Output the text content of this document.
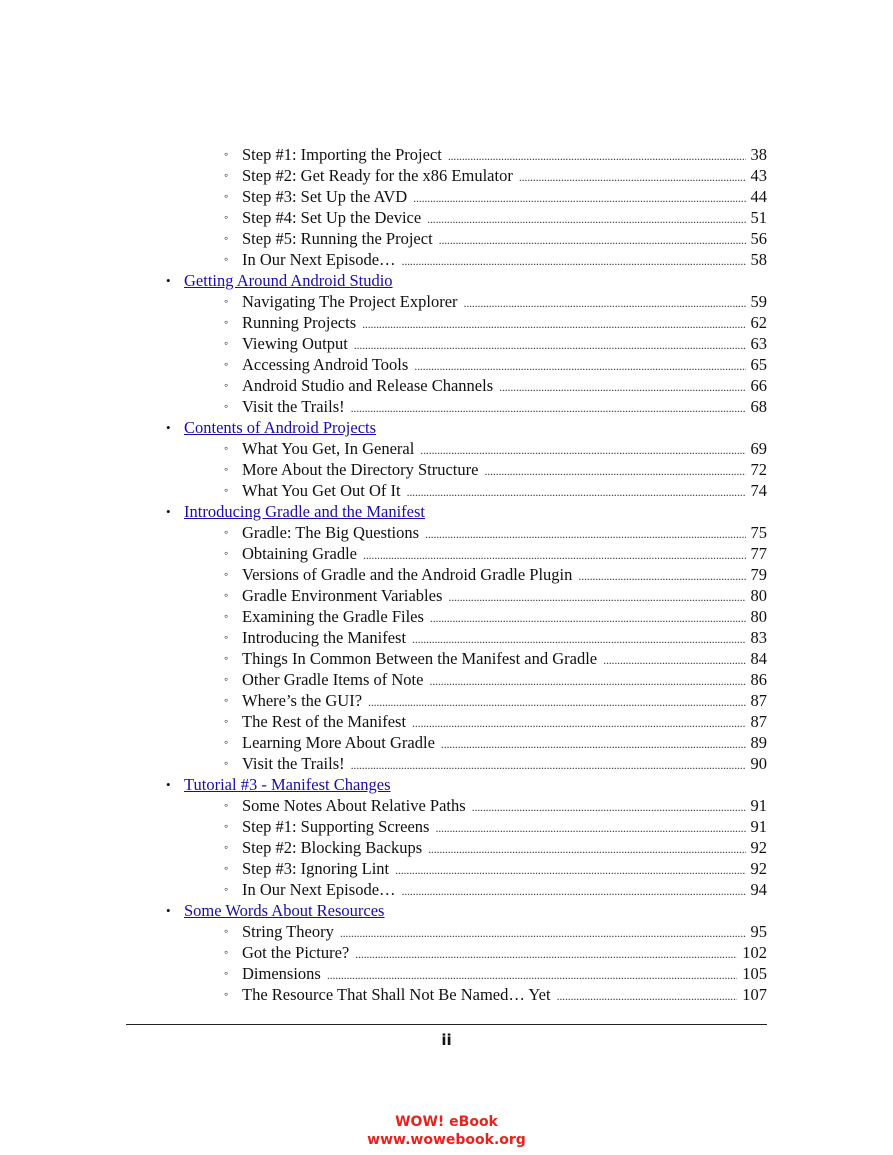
◦ Step #1: Importing the Project . . .	38
◦ Step #2: Get Ready for the x86 Emulator . . .	43
◦ Step #3: Set Up the AVD . . .	44
◦ Step #4: Set Up the Device . . .	51
◦ Step #5: Running the Project . . .	56
◦ In Our Next Episode… . . .	58
• Getting Around Android Studio
◦ Navigating The Project Explorer . . .	59
◦ Running Projects . . .	62
◦ Viewing Output . . .	63
◦ Accessing Android Tools . . .	65
◦ Android Studio and Release Channels . . .	66
◦ Visit the Trails! . . .	68
• Contents of Android Projects
◦ What You Get, In General . . .	69
◦ More About the Directory Structure . . .	72
◦ What You Get Out Of It . . .	74
• Introducing Gradle and the Manifest
◦ Gradle: The Big Questions . . .	75
◦ Obtaining Gradle . . .	77
◦ Versions of Gradle and the Android Gradle Plugin . . .	79
◦ Gradle Environment Variables . . .	80
◦ Examining the Gradle Files . . .	80
◦ Introducing the Manifest . . .	83
◦ Things In Common Between the Manifest and Gradle . . .	84
◦ Other Gradle Items of Note . . .	86
◦ Where’s the GUI? . . .	87
◦ The Rest of the Manifest . . .	87
◦ Learning More About Gradle . . .	89
◦ Visit the Trails! . . .	90
• Tutorial #3 - Manifest Changes
◦ Some Notes About Relative Paths . . .	91
◦ Step #1: Supporting Screens . . .	91
◦ Step #2: Blocking Backups . . .	92
◦ Step #3: Ignoring Lint . . .	92
◦ In Our Next Episode… . . .	94
• Some Words About Resources
◦ String Theory . . .	95
◦ Got the Picture? . . .	102
◦ Dimensions . . .	105
◦ The Resource That Shall Not Be Named… Yet . . .	107
ii
WOW! eBook
www.wowebook.org
